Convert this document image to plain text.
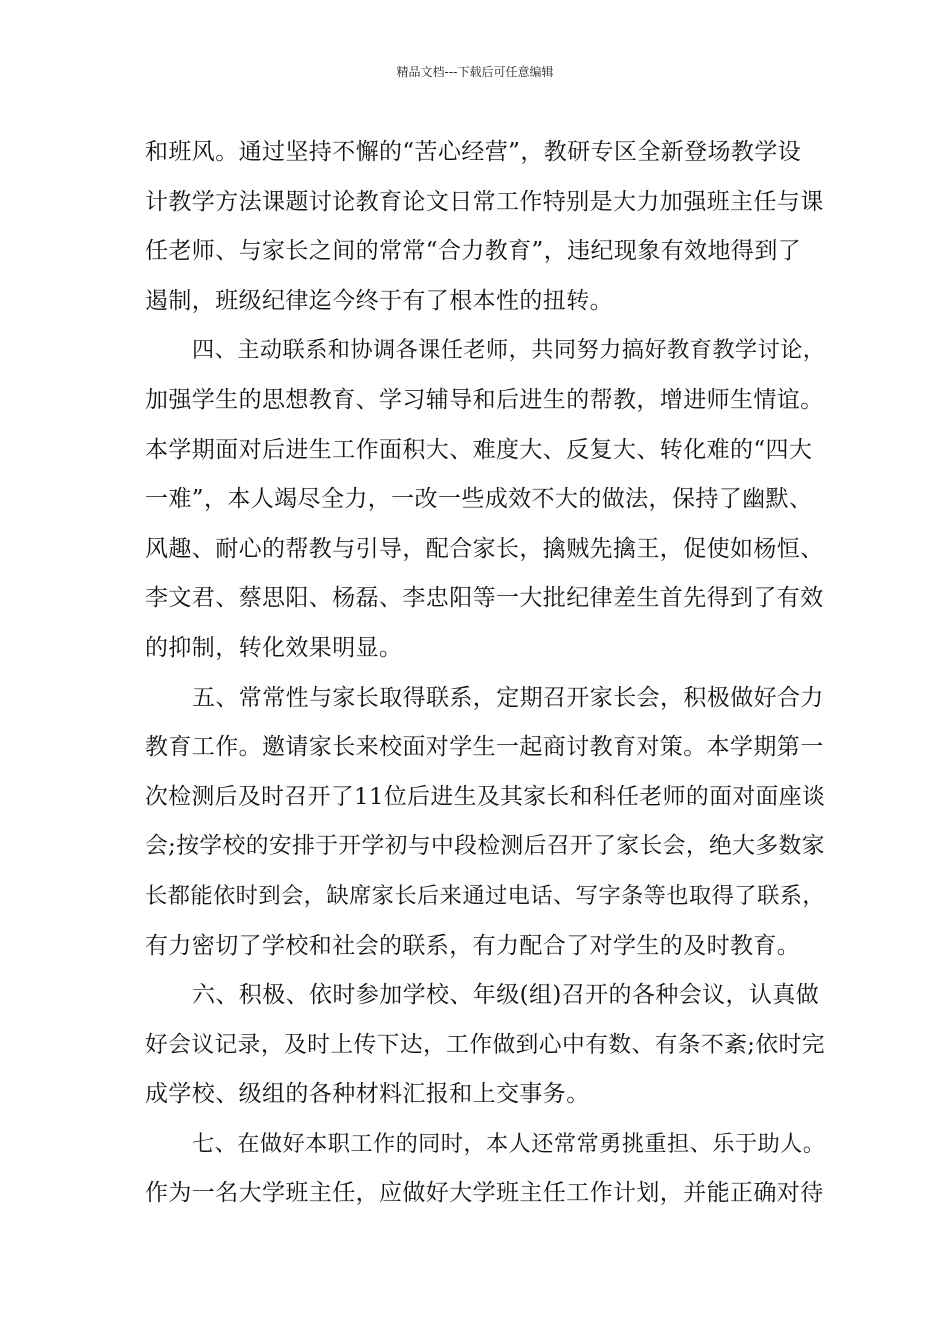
精品文档---下载后可任意编辑
和班风。通过坚持不懈的“苦心经营”，教研专区全新登场教学设
计教学方法课题讨论教育论文日常工作特别是大力加强班主任与课
任老师、与家长之间的常常“合力教育”，违纪现象有效地得到了
遏制，班级纪律迄今终于有了根本性的扭转。
四、主动联系和协调各课任老师，共同努力搞好教育教学讨论，
加强学生的思想教育、学习辅导和后进生的帮教，增进师生情谊。
本学期面对后进生工作面积大、难度大、反复大、转化难的“四大
一难”，本人竭尽全力，一改一些成效不大的做法，保持了幽默、
风趣、耐心的帮教与引导，配合家长，擒贼先擒王，促使如杨恒、
李文君、蔡思阳、杨磊、李忠阳等一大批纪律差生首先得到了有效
的抑制，转化效果明显。
五、常常性与家长取得联系，定期召开家长会，积极做好合力
教育工作。邀请家长来校面对学生一起商讨教育对策。本学期第一
次检测后及时召开了11位后进生及其家长和科任老师的面对面座谈
会;按学校的安排于开学初与中段检测后召开了家长会，绝大多数家
长都能依时到会，缺席家长后来通过电话、写字条等也取得了联系，
有力密切了学校和社会的联系，有力配合了对学生的及时教育。
六、积极、依时参加学校、年级(组)召开的各种会议，认真做
好会议记录，及时上传下达，工作做到心中有数、有条不紊;依时完
成学校、级组的各种材料汇报和上交事务。
七、在做好本职工作的同时，本人还常常勇挑重担、乐于助人。
作为一名大学班主任，应做好大学班主任工作计划，并能正确对待
